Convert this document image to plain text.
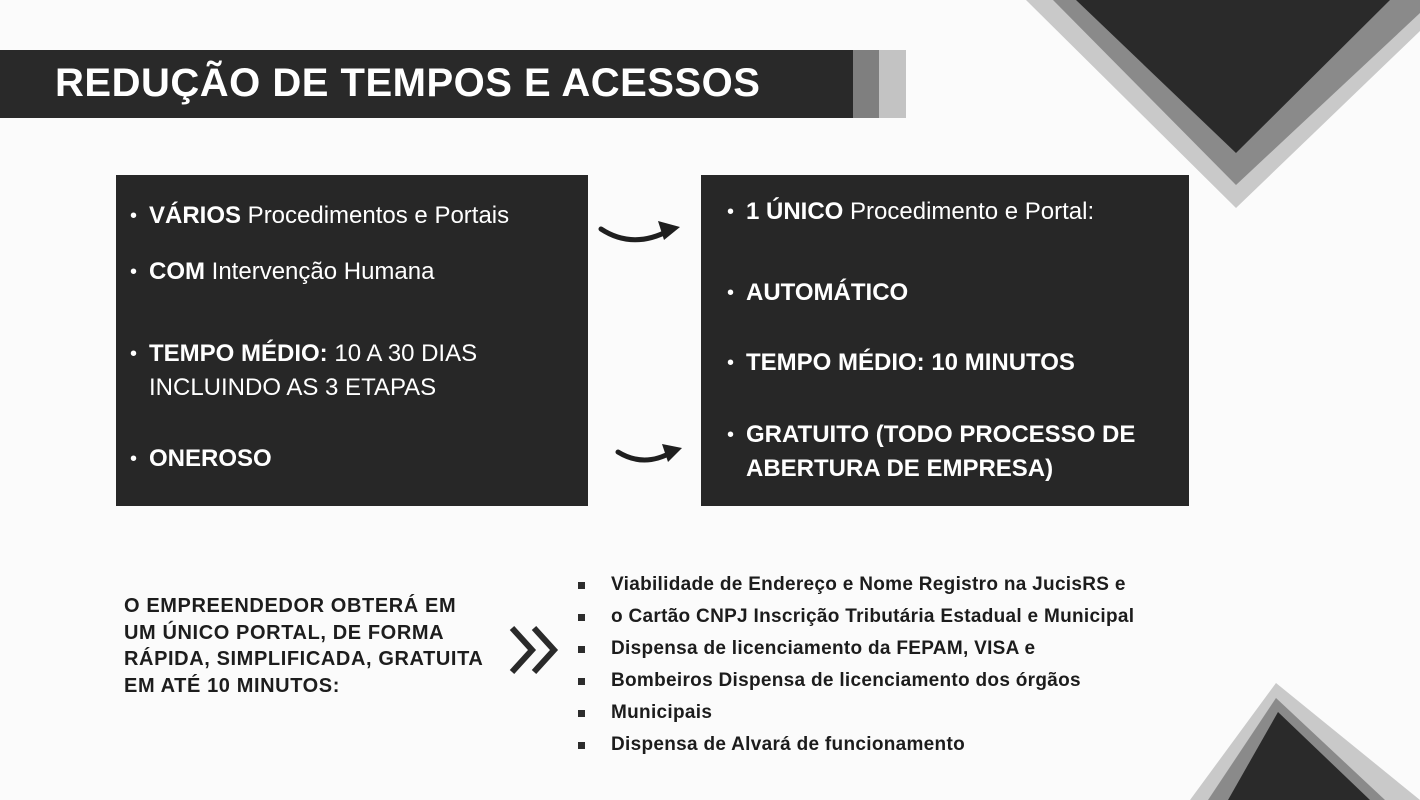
REDUÇÃO DE TEMPOS E ACESSOS
• VÁRIOS Procedimentos e Portais
• COM Intervenção Humana
• TEMPO MÉDIO: 10 A 30 DIAS INCLUINDO AS 3 ETAPAS
• ONEROSO
• 1 ÚNICO Procedimento e Portal:
• AUTOMÁTICO
• TEMPO MÉDIO: 10 MINUTOS
• GRATUITO (TODO PROCESSO DE ABERTURA DE EMPRESA)

O EMPREENDEDOR OBTERÁ EM UM ÚNICO PORTAL, DE FORMA RÁPIDA, SIMPLIFICADA, GRATUITA EM ATÉ 10 MINUTOS:

Viabilidade de Endereço e Nome Registro na JucisRS e
o Cartão CNPJ Inscrição Tributária Estadual e Municipal
Dispensa de licenciamento da FEPAM, VISA e
Bombeiros Dispensa de licenciamento dos órgãos
Municipais
Dispensa de Alvará de funcionamento
